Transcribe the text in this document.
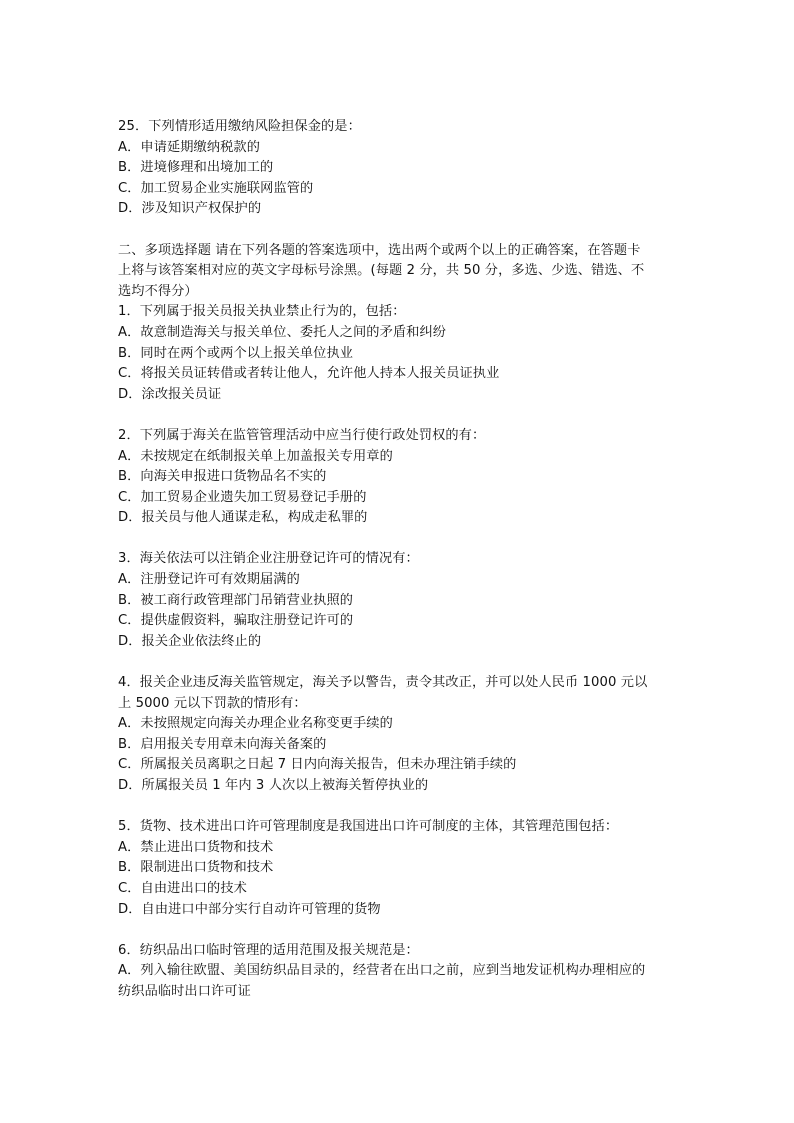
25．下列情形适用缴纳风险担保金的是：
A．申请延期缴纳税款的
B．进境修理和出境加工的
C．加工贸易企业实施联网监管的
D．涉及知识产权保护的
二、多项选择题 请在下列各题的答案选项中，选出两个或两个以上的正确答案，在答题卡
上将与该答案相对应的英文字母标号涂黑。(每题 2 分，共 50 分，多选、少选、错选、不
选均不得分）
1．下列属于报关员报关执业禁止行为的，包括：
A．故意制造海关与报关单位、委托人之间的矛盾和纠纷
B．同时在两个或两个以上报关单位执业
C．将报关员证转借或者转让他人，允许他人持本人报关员证执业
D．涂改报关员证
2．下列属于海关在监管管理活动中应当行使行政处罚权的有：
A．未按规定在纸制报关单上加盖报关专用章的
B．向海关申报进口货物品名不实的
C．加工贸易企业遗失加工贸易登记手册的
D．报关员与他人通谋走私，构成走私罪的
3．海关依法可以注销企业注册登记许可的情况有：
A．注册登记许可有效期届满的
B．被工商行政管理部门吊销营业执照的
C．提供虚假资料，骗取注册登记许可的
D．报关企业依法终止的
4．报关企业违反海关监管规定，海关予以警告，责令其改正，并可以处人民币 1000 元以
上 5000 元以下罚款的情形有：
A．未按照规定向海关办理企业名称变更手续的
B．启用报关专用章未向海关备案的
C．所属报关员离职之日起 7 日内向海关报告，但未办理注销手续的
D．所属报关员 1 年内 3 人次以上被海关暂停执业的
5．货物、技术进出口许可管理制度是我国进出口许可制度的主体，其管理范围包括：
A．禁止进出口货物和技术
B．限制进出口货物和技术
C．自由进出口的技术
D．自由进口中部分实行自动许可管理的货物
6．纺织品出口临时管理的适用范围及报关规范是：
A．列入输往欧盟、美国纺织品目录的，经营者在出口之前，应到当地发证机构办理相应的
纺织品临时出口许可证
